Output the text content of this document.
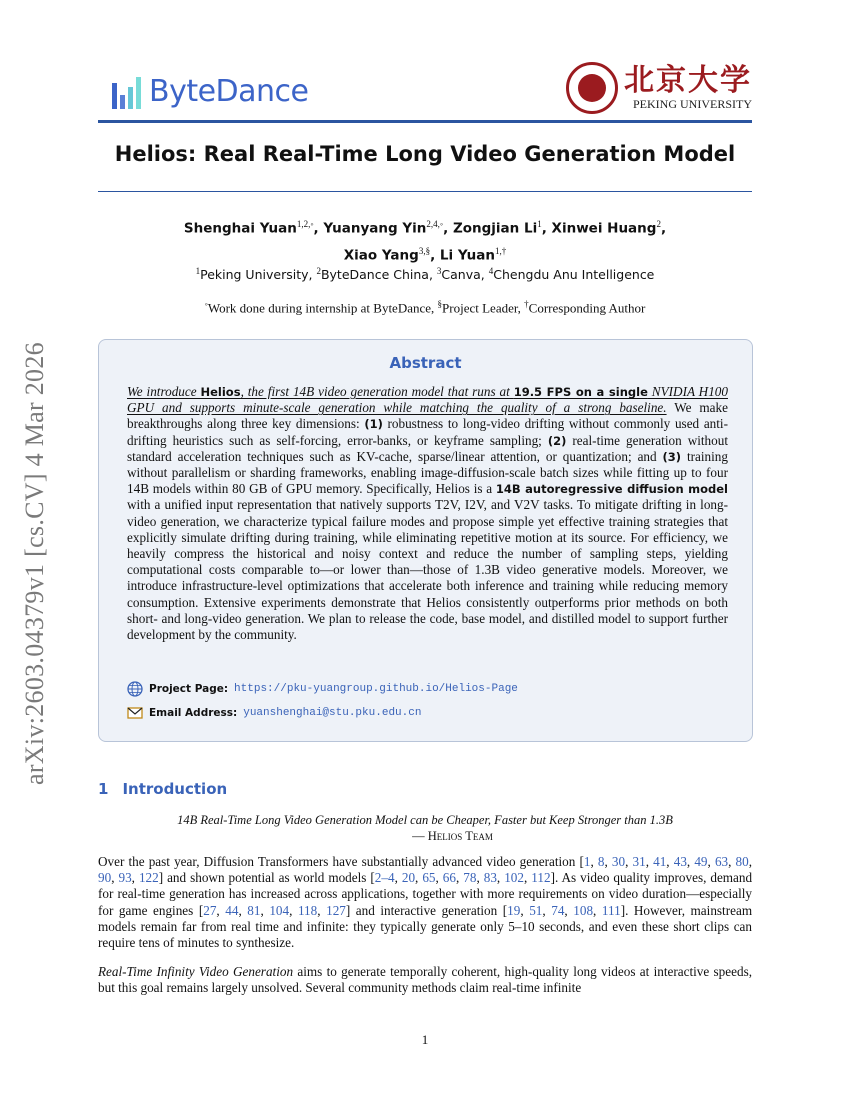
arXiv:2603.04379v1 [cs.CV] 4 Mar 2026
ByteDance	北京大学
PEKING UNIVERSITY
Helios: Real Real-Time Long Video Generation Model
Shenghai Yuan$^{1,2,◦}$, Yuanyang Yin$^{2,4,◦}$, Zongjian Li$^1$, Xinwei Huang$^2$,
Xiao Yang$^{3,\S}$, Li Yuan$^{1,\dagger}$
$^1$Peking University, $^2$ByteDance China, $^3$Canva, $^4$Chengdu Anu Intelligence
◦Work done during internship at ByteDance, §Project Leader, †Corresponding Author
Abstract
We introduce Helios, the first 14B video generation model that runs at 19.5 FPS on a single NVIDIA H100 GPU and supports minute-scale generation while matching the quality of a strong baseline. We make breakthroughs along three key dimensions: (1) robustness to long-video drifting without commonly used anti-drifting heuristics such as self-forcing, error-banks, or keyframe sampling; (2) real-time generation without standard acceleration techniques such as KV-cache, sparse/linear attention, or quantization; and (3) training without parallelism or sharding frameworks, enabling image-diffusion-scale batch sizes while fitting up to four 14B models within 80 GB of GPU memory. Specifically, Helios is a 14B autoregressive diffusion model with a unified input representation that natively supports T2V, I2V, and V2V tasks. To mitigate drifting in long-video generation, we characterize typical failure modes and propose simple yet effective training strategies that explicitly simulate drifting during training, while eliminating repetitive motion at its source. For efficiency, we heavily compress the historical and noisy context and reduce the number of sampling steps, yielding computational costs comparable to—or lower than—those of 1.3B video generative models. Moreover, we introduce infrastructure-level optimizations that accelerate both inference and training while reducing memory consumption. Extensive experiments demonstrate that Helios consistently outperforms prior methods on both short- and long-video generation. We plan to release the code, base model, and distilled model to support further development by the community.
Project Page: https://pku-yuangroup.github.io/Helios-Page
Email Address: yuanshenghai@stu.pku.edu.cn
1 Introduction
14B Real-Time Long Video Generation Model can be Cheaper, Faster but Keep Stronger than 1.3B
— Helios Team

Over the past year, Diffusion Transformers have substantially advanced video generation [1, 8, 30, 31, 41, 43, 49, 63, 80, 90, 93, 122] and shown potential as world models [2–4, 20, 65, 66, 78, 83, 102, 112]. As video quality improves, demand for real-time generation has increased across applications, together with more requirements on video duration—especially for game engines [27, 44, 81, 104, 118, 127] and interactive generation [19, 51, 74, 108, 111]. However, mainstream models remain far from real time and infinite: they typically generate only 5–10 seconds, and even these short clips can require tens of minutes to synthesize.

Real-Time Infinity Video Generation aims to generate temporally coherent, high-quality long videos at interactive speeds, but this goal remains largely unsolved. Several community methods claim real-time infinite

1
